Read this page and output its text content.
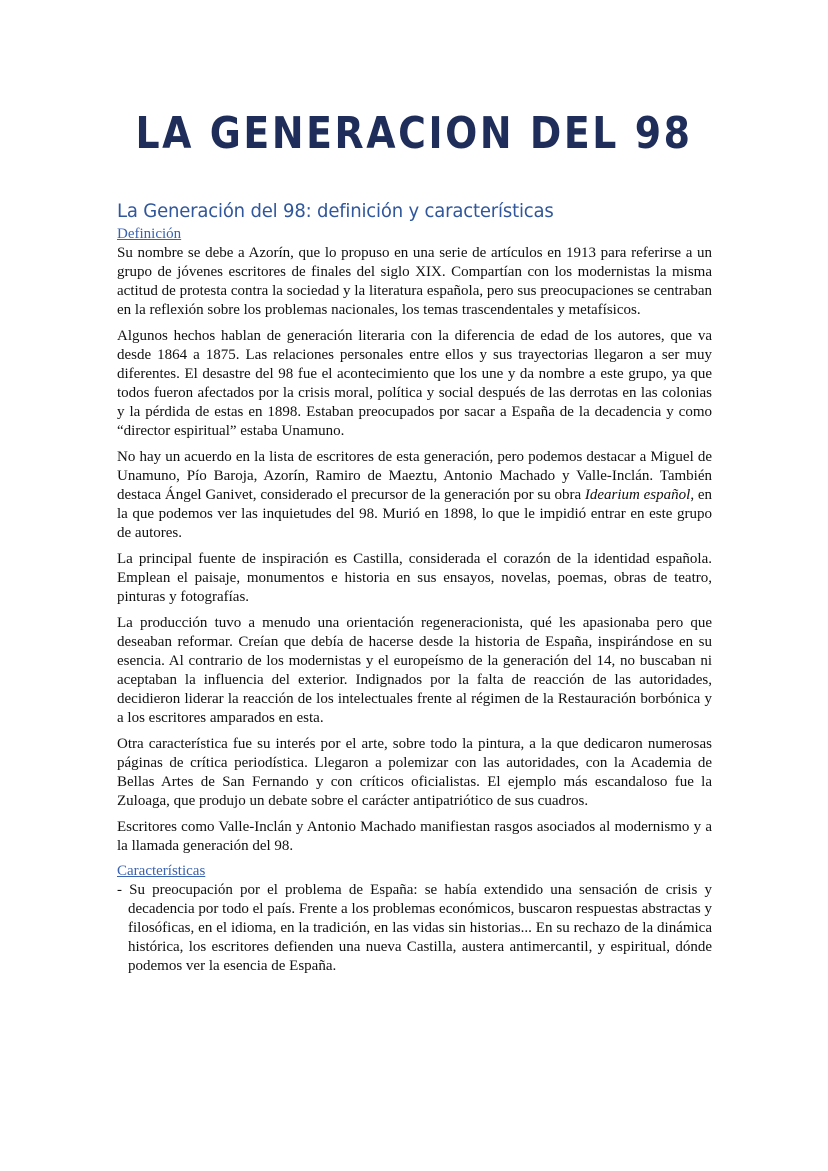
LA GENERACION DEL 98
La Generación del 98: definición y características
Definición

Su nombre se debe a Azorín, que lo propuso en una serie de artículos en 1913 para referirse a un grupo de jóvenes escritores de finales del siglo XIX. Compartían con los modernistas la misma actitud de protesta contra la sociedad y la literatura española, pero sus preocupaciones se centraban en la reflexión sobre los problemas nacionales, los temas trascendentales y metafísicos.

Algunos hechos hablan de generación literaria con la diferencia de edad de los autores, que va desde 1864 a 1875. Las relaciones personales entre ellos y sus trayectorias llegaron a ser muy diferentes. El desastre del 98 fue el acontecimiento que los une y da nombre a este grupo, ya que todos fueron afectados por la crisis moral, política y social después de las derrotas en las colonias y la pérdida de estas en 1898. Estaban preocupados por sacar a España de la decadencia y como “director espiritual” estaba Unamuno.

No hay un acuerdo en la lista de escritores de esta generación, pero podemos destacar a Miguel de Unamuno, Pío Baroja, Azorín, Ramiro de Maeztu, Antonio Machado y Valle-Inclán. También destaca Ángel Ganivet, considerado el precursor de la generación por su obra Idearium español, en la que podemos ver las inquietudes del 98. Murió en 1898, lo que le impidió entrar en este grupo de autores.

La principal fuente de inspiración es Castilla, considerada el corazón de la identidad española. Emplean el paisaje, monumentos e historia en sus ensayos, novelas, poemas, obras de teatro, pinturas y fotografías.

La producción tuvo a menudo una orientación regeneracionista, qué les apasionaba pero que deseaban reformar. Creían que debía de hacerse desde la historia de España, inspirándose en su esencia. Al contrario de los modernistas y el europeísmo de la generación del 14, no buscaban ni aceptaban la influencia del exterior. Indignados por la falta de reacción de las autoridades, decidieron liderar la reacción de los intelectuales frente al régimen de la Restauración borbónica y a los escritores amparados en esta.

Otra característica fue su interés por el arte, sobre todo la pintura, a la que dedicaron numerosas páginas de crítica periodística. Llegaron a polemizar con las autoridades, con la Academia de Bellas Artes de San Fernando y con críticos oficialistas. El ejemplo más escandaloso fue la Zuloaga, que produjo un debate sobre el carácter antipatriótico de sus cuadros.

Escritores como Valle-Inclán y Antonio Machado manifiestan rasgos asociados al modernismo y a la llamada generación del 98.

Características

- Su preocupación por el problema de España: se había extendido una sensación de crisis y decadencia por todo el país. Frente a los problemas económicos, buscaron respuestas abstractas y filosóficas, en el idioma, en la tradición, en las vidas sin historias... En su rechazo de la dinámica histórica, los escritores defienden una nueva Castilla, austera antimercantil, y espiritual, dónde podemos ver la esencia de España.
